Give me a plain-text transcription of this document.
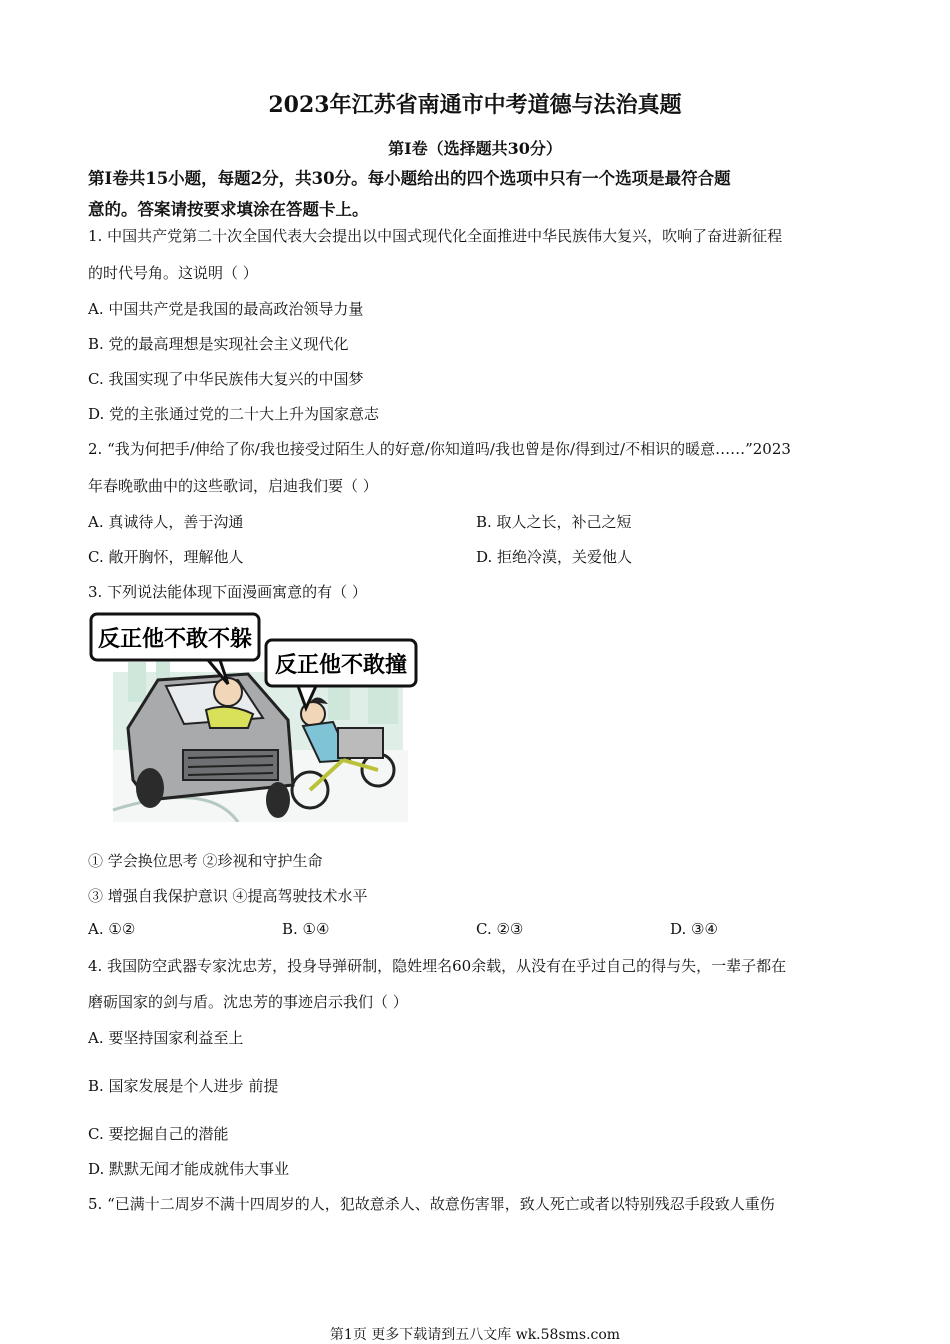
2023年江苏省南通市中考道德与法治真题
第Ⅰ卷（选择题共30分）
第Ⅰ卷共15小题，每题2分，共30分。每小题给出的四个选项中只有一个选项是最符合题
意的。答案请按要求填涂在答题卡上。
1. 中国共产党第二十次全国代表大会提出以中国式现代化全面推进中华民族伟大复兴，吹响了奋进新征程
的时代号角。这说明（ ）
A. 中国共产党是我国的最高政治领导力量
B. 党的最高理想是实现社会主义现代化
C. 我国实现了中华民族伟大复兴的中国梦
D. 党的主张通过党的二十大上升为国家意志
2. “我为何把手/伸给了你/我也接受过陌生人的好意/你知道吗/我也曾是你/得到过/不相识的暖意……”2023
年春晚歌曲中的这些歌词，启迪我们要（ ）
A. 真诚待人，善于沟通	B. 取人之长，补己之短
C. 敞开胸怀，理解他人	D. 拒绝冷漠，关爱他人
3. 下列说法能体现下面漫画寓意的有（ ）
反正他不敢不躲
反正他不敢撞
① 学会换位思考 ②珍视和守护生命
③ 增强自我保护意识 ④提高驾驶技术水平
A. ①②	B. ①④	C. ②③	D. ③④
4. 我国防空武器专家沈忠芳，投身导弹研制，隐姓埋名60余载，从没有在乎过自己的得与失，一辈子都在
磨砺国家的剑与盾。沈忠芳的事迹启示我们（ ）
A. 要坚持国家利益至上
B. 国家发展是个人进步 前提
C. 要挖掘自己的潜能
D. 默默无闻才能成就伟大事业
5. “已满十二周岁不满十四周岁的人，犯故意杀人、故意伤害罪，致人死亡或者以特别残忍手段致人重伤
第1页 更多下载请到五八文库 wk.58sms.com
